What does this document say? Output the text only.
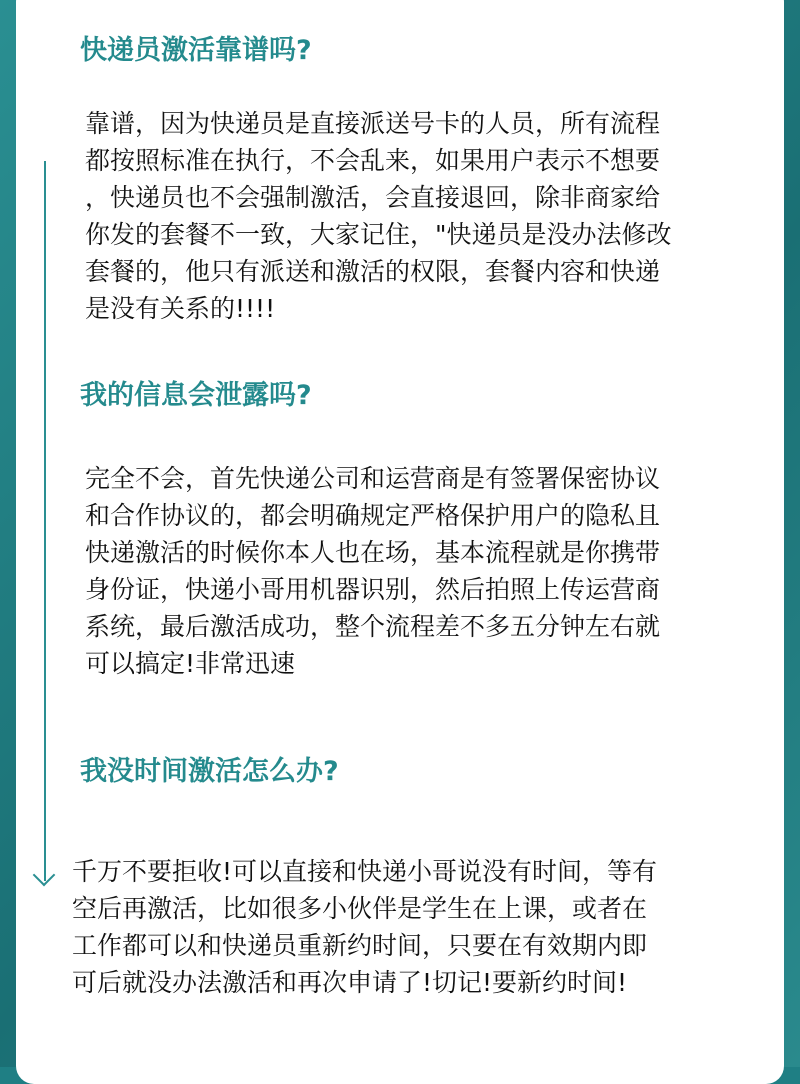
快递员激活靠谱吗?
靠谱，因为快递员是直接派送号卡的人员，所有流程
都按照标准在执行，不会乱来，如果用户表示不想要
，快递员也不会强制激活，会直接退回，除非商家给
你发的套餐不一致，大家记住，"快递员是没办法修改
套餐的，他只有派送和激活的权限，套餐内容和快递
是没有关系的!!!!
我的信息会泄露吗?
完全不会，首先快递公司和运营商是有签署保密协议
和合作协议的，都会明确规定严格保护用户的隐私且
快递激活的时候你本人也在场，基本流程就是你携带
身份证，快递小哥用机器识别，然后拍照上传运营商
系统，最后激活成功，整个流程差不多五分钟左右就
可以搞定!非常迅速
我没时间激活怎么办?
千万不要拒收!可以直接和快递小哥说没有时间，等有
空后再激活，比如很多小伙伴是学生在上课，或者在
工作都可以和快递员重新约时间，只要在有效期内即
可后就没办法激活和再次申请了!切记!要新约时间!
